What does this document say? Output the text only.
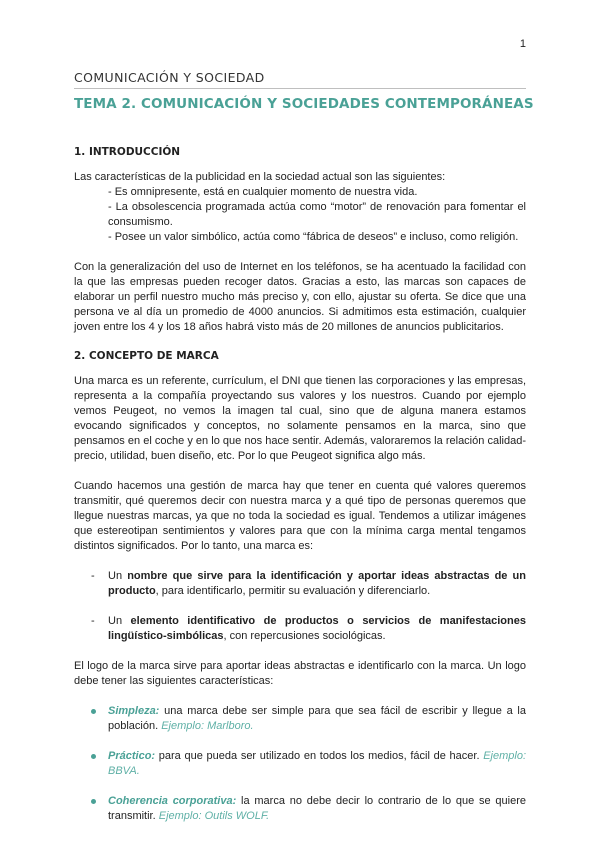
1
COMUNICACIÓN Y SOCIEDAD
TEMA 2. COMUNICACIÓN Y SOCIEDADES CONTEMPORÁNEAS
1. INTRODUCCIÓN

Las características de la publicidad en la sociedad actual son las siguientes:

- Es omnipresente, está en cualquier momento de nuestra vida.
- La obsolescencia programada actúa como “motor” de renovación para fomentar el consumismo.
- Posee un valor simbólico, actúa como “fábrica de deseos” e incluso, como religión.

Con la generalización del uso de Internet en los teléfonos, se ha acentuado la facilidad con la que las empresas pueden recoger datos. Gracias a esto, las marcas son capaces de elaborar un perfil nuestro mucho más preciso y, con ello, ajustar su oferta. Se dice que una persona ve al día un promedio de 4000 anuncios. Si admitimos esta estimación, cualquier joven entre los 4 y los 18 años habrá visto más de 20 millones de anuncios publicitarios.

2. CONCEPTO DE MARCA

Una marca es un referente, currículum, el DNI que tienen las corporaciones y las empresas, representa a la compañía proyectando sus valores y los nuestros. Cuando por ejemplo vemos Peugeot, no vemos la imagen tal cual, sino que de alguna manera estamos evocando significados y conceptos, no solamente pensamos en la marca, sino que pensamos en el coche y en lo que nos hace sentir. Además, valoraremos la relación calidad-precio, utilidad, buen diseño, etc. Por lo que Peugeot significa algo más.

Cuando hacemos una gestión de marca hay que tener en cuenta qué valores queremos transmitir, qué queremos decir con nuestra marca y a qué tipo de personas queremos que llegue nuestras marcas, ya que no toda la sociedad es igual. Tendemos a utilizar imágenes que estereotipan sentimientos y valores para que con la mínima carga mental tengamos distintos significados. Por lo tanto, una marca es:

- Un nombre que sirve para la identificación y aportar ideas abstractas de un producto, para identificarlo, permitir su evaluación y diferenciarlo.
- Un elemento identificativo de productos o servicios de manifestaciones lingüístico-simbólicas, con repercusiones sociológicas.

El logo de la marca sirve para aportar ideas abstractas e identificarlo con la marca. Un logo debe tener las siguientes características:

Simpleza: una marca debe ser simple para que sea fácil de escribir y llegue a la población. Ejemplo: Marlboro.
Práctico: para que pueda ser utilizado en todos los medios, fácil de hacer. Ejemplo: BBVA.
Coherencia corporativa: la marca no debe decir lo contrario de lo que se quiere transmitir. Ejemplo: Outils WOLF.
